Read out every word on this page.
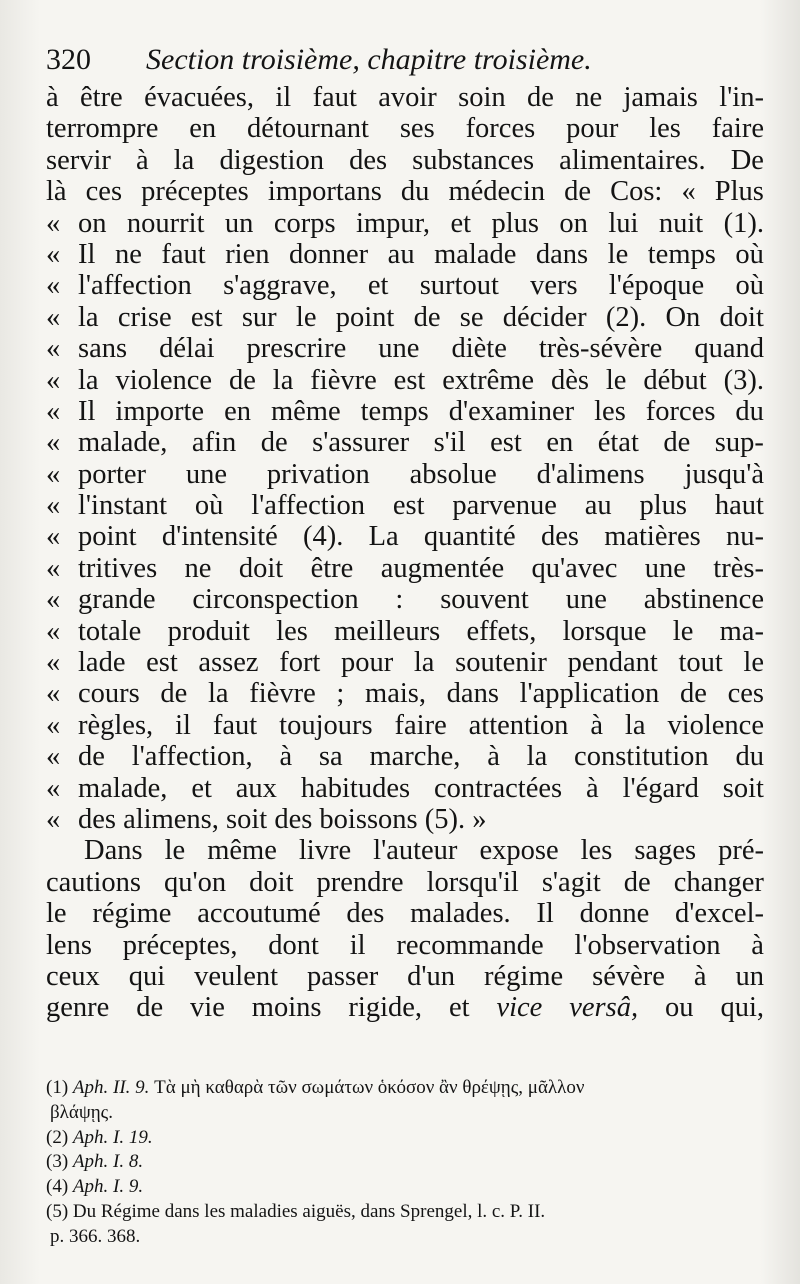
320 Section troisième, chapitre troisième.
à être évacuées, il faut avoir soin de ne jamais l'in-
terrompre en détournant ses forces pour les faire
servir à la digestion des substances alimentaires. De
là ces préceptes importans du médecin de Cos: « Plus
« on nourrit un corps impur, et plus on lui nuit (1).
« Il ne faut rien donner au malade dans le temps où
« l'affection s'aggrave, et surtout vers l'époque où
« la crise est sur le point de se décider (2). On doit
« sans délai prescrire une diète très-sévère quand
« la violence de la fièvre est extrême dès le début (3).
« Il importe en même temps d'examiner les forces du
« malade, afin de s'assurer s'il est en état de sup-
« porter une privation absolue d'alimens jusqu'à
« l'instant où l'affection est parvenue au plus haut
« point d'intensité (4). La quantité des matières nu-
« tritives ne doit être augmentée qu'avec une très-
« grande circonspection : souvent une abstinence
« totale produit les meilleurs effets, lorsque le ma-
« lade est assez fort pour la soutenir pendant tout le
« cours de la fièvre ; mais, dans l'application de ces
« règles, il faut toujours faire attention à la violence
« de l'affection, à sa marche, à la constitution du
« malade, et aux habitudes contractées à l'égard soit
« des alimens, soit des boissons (5). »
Dans le même livre l'auteur expose les sages pré-
cautions qu'on doit prendre lorsqu'il s'agit de changer
le régime accoutumé des malades. Il donne d'excel-
lens préceptes, dont il recommande l'observation à
ceux qui veulent passer d'un régime sévère à un
genre de vie moins rigide, et vice versâ, ou qui,
(1) Aph. II. 9. Τὰ μὴ καθαρὰ τῶν σωμάτων ὁκόσον ἂν θρέψῃς, μᾶλλον
βλάψῃς.
(2) Aph. I. 19.
(3) Aph. I. 8.
(4) Aph. I. 9.
(5) Du Régime dans les maladies aiguës, dans Sprengel, l. c. P. II.
p. 366. 368.
